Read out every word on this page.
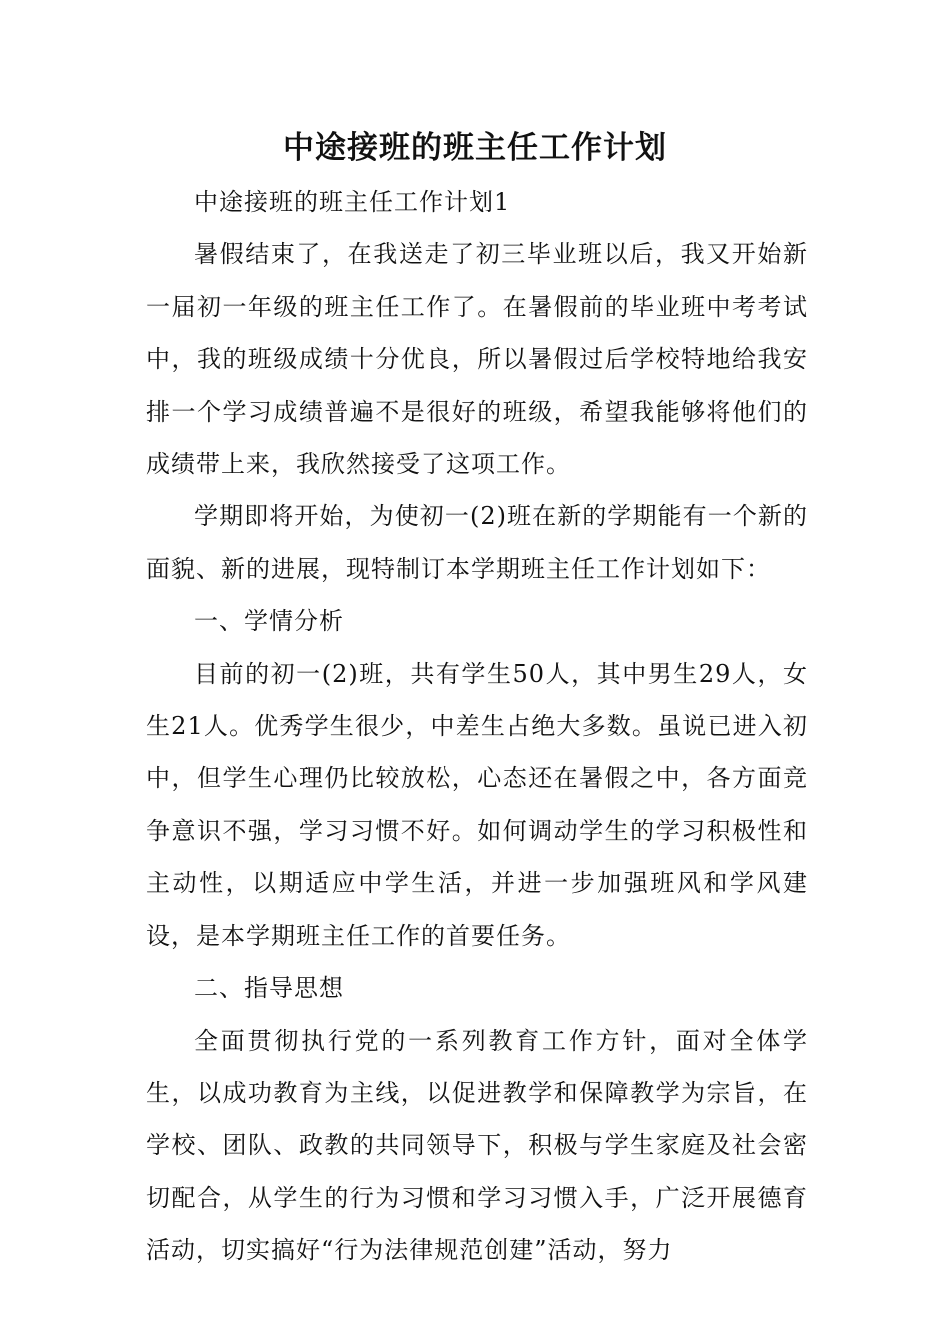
中途接班的班主任工作计划

中途接班的班主任工作计划1

暑假结束了，在我送走了初三毕业班以后，我又开始新一届初一年级的班主任工作了。在暑假前的毕业班中考考试中，我的班级成绩十分优良，所以暑假过后学校特地给我安排一个学习成绩普遍不是很好的班级，希望我能够将他们的成绩带上来，我欣然接受了这项工作。

学期即将开始，为使初一(2)班在新的学期能有一个新的面貌、新的进展，现特制订本学期班主任工作计划如下：

一、学情分析

目前的初一(2)班，共有学生50人，其中男生29人，女生21人。优秀学生很少，中差生占绝大多数。虽说已进入初中，但学生心理仍比较放松，心态还在暑假之中，各方面竞争意识不强，学习习惯不好。如何调动学生的学习积极性和主动性，以期适应中学生活，并进一步加强班风和学风建设，是本学期班主任工作的首要任务。

二、指导思想

全面贯彻执行党的一系列教育工作方针，面对全体学生，以成功教育为主线，以促进教学和保障教学为宗旨，在学校、团队、政教的共同领导下，积极与学生家庭及社会密切配合，从学生的行为习惯和学习习惯入手，广泛开展德育活动，切实搞好“行为法律规范创建”活动，努力
